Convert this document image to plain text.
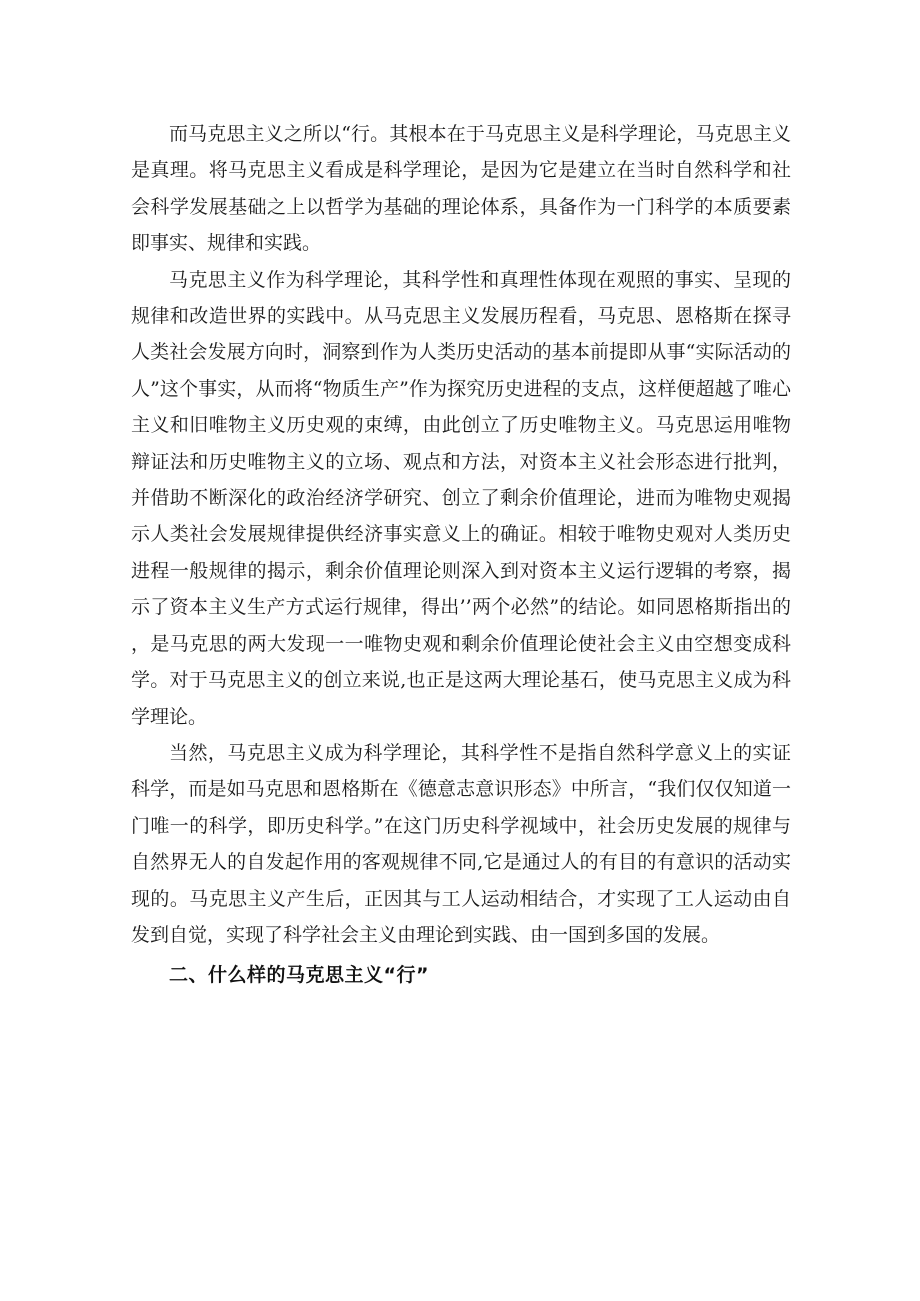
而马克思主义之所以“行。其根本在于马克思主义是科学理论，马克思主义是真理。将马克思主义看成是科学理论，是因为它是建立在当时自然科学和社会科学发展基础之上以哲学为基础的理论体系，具备作为一门科学的本质要素即事实、规律和实践。

马克思主义作为科学理论，其科学性和真理性体现在观照的事实、呈现的规律和改造世界的实践中。从马克思主义发展历程看，马克思、恩格斯在探寻人类社会发展方向时，洞察到作为人类历史活动的基本前提即从事“实际活动的人”这个事实，从而将“物质生产”作为探究历史进程的支点，这样便超越了唯心主义和旧唯物主义历史观的束缚，由此创立了历史唯物主义。马克思运用唯物辩证法和历史唯物主义的立场、观点和方法，对资本主义社会形态进行批判，并借助不断深化的政治经济学研究、创立了剩余价值理论，进而为唯物史观揭示人类社会发展规律提供经济事实意义上的确证。相较于唯物史观对人类历史进程一般规律的揭示，剩余价值理论则深入到对资本主义运行逻辑的考察，揭示了资本主义生产方式运行规律，得出’’两个必然”的结论。如同恩格斯指出的，是马克思的两大发现一一唯物史观和剩余价值理论使社会主义由空想变成科学。对于马克思主义的创立来说,也正是这两大理论基石，使马克思主义成为科学理论。

当然，马克思主义成为科学理论，其科学性不是指自然科学意义上的实证科学，而是如马克思和恩格斯在《德意志意识形态》中所言，“我们仅仅知道一门唯一的科学，即历史科学。”在这门历史科学视域中，社会历史发展的规律与自然界无人的自发起作用的客观规律不同,它是通过人的有目的有意识的活动实现的。马克思主义产生后，正因其与工人运动相结合，才实现了工人运动由自发到自觉，实现了科学社会主义由理论到实践、由一国到多国的发展。

二、什么样的马克思主义“行”
